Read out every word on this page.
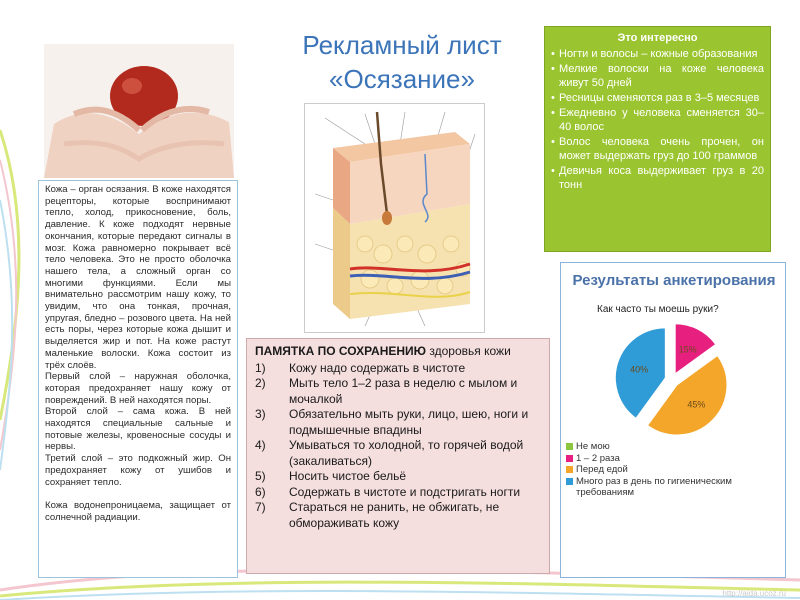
Рекламный лист
«Осязание»

Кожа – орган осязания. В коже находятся рецепторы, которые воспринимают тепло, холод, прикосновение, боль, давление. К коже подходят нервные окончания, которые передают сигналы в мозг. Кожа равномерно покрывает всё тело человека. Это не просто оболочка нашего тела, а сложный орган со многими функциями. Если мы внимательно рассмотрим нашу кожу, то увидим, что она тонкая, прочная, упругая, бледно – розового цвета. На ней есть поры, через которые кожа дышит и выделяется жир и пот. На коже растут маленькие волоски. Кожа состоит из трёх слоёв.

Первый слой – наружная оболочка, которая предохраняет нашу кожу от повреждений. В ней находятся поры.

Второй слой – сама кожа. В ней находятся специальные сальные и потовые железы, кровеносные сосуды и нервы.

Третий слой – это подкожный жир. Он предохраняет кожу от ушибов и сохраняет тепло.

Кожа водонепроницаема, защищает от солнечной радиации.

Это интересно
• Ногти и волосы – кожные образования
• Мелкие волоски на коже человека живут 50 дней
• Ресницы сменяются раз в 3–5 месяцев
• Ежедневно у человека сменяется 30–40 волос
• Волос человека очень прочен, он может выдержать груз до 100 граммов
• Девичья коса выдерживает груз в 20 тонн
ПАМЯТКА ПО СОХРАНЕНИЮ здоровья кожи
1) Кожу надо содержать в чистоте
2) Мыть тело 1–2 раза в неделю с мылом и мочалкой
3) Обязательно мыть руки, лицо, шею, ноги и подмышечные впадины
4) Умываться то холодной, то горячей водой (закаливаться)
5) Носить чистое бельё
6) Содержать в чистоте и подстригать ногти
7) Стараться не ранить, не обжигать, не обмораживать кожу
Результаты анкетирования
Как часто ты моешь руки?
15%
45%
40%
Не мою
1 – 2 раза
Перед едой
Много раз в день по гигиеническим требованиям
http://aida.ucoz.ru
